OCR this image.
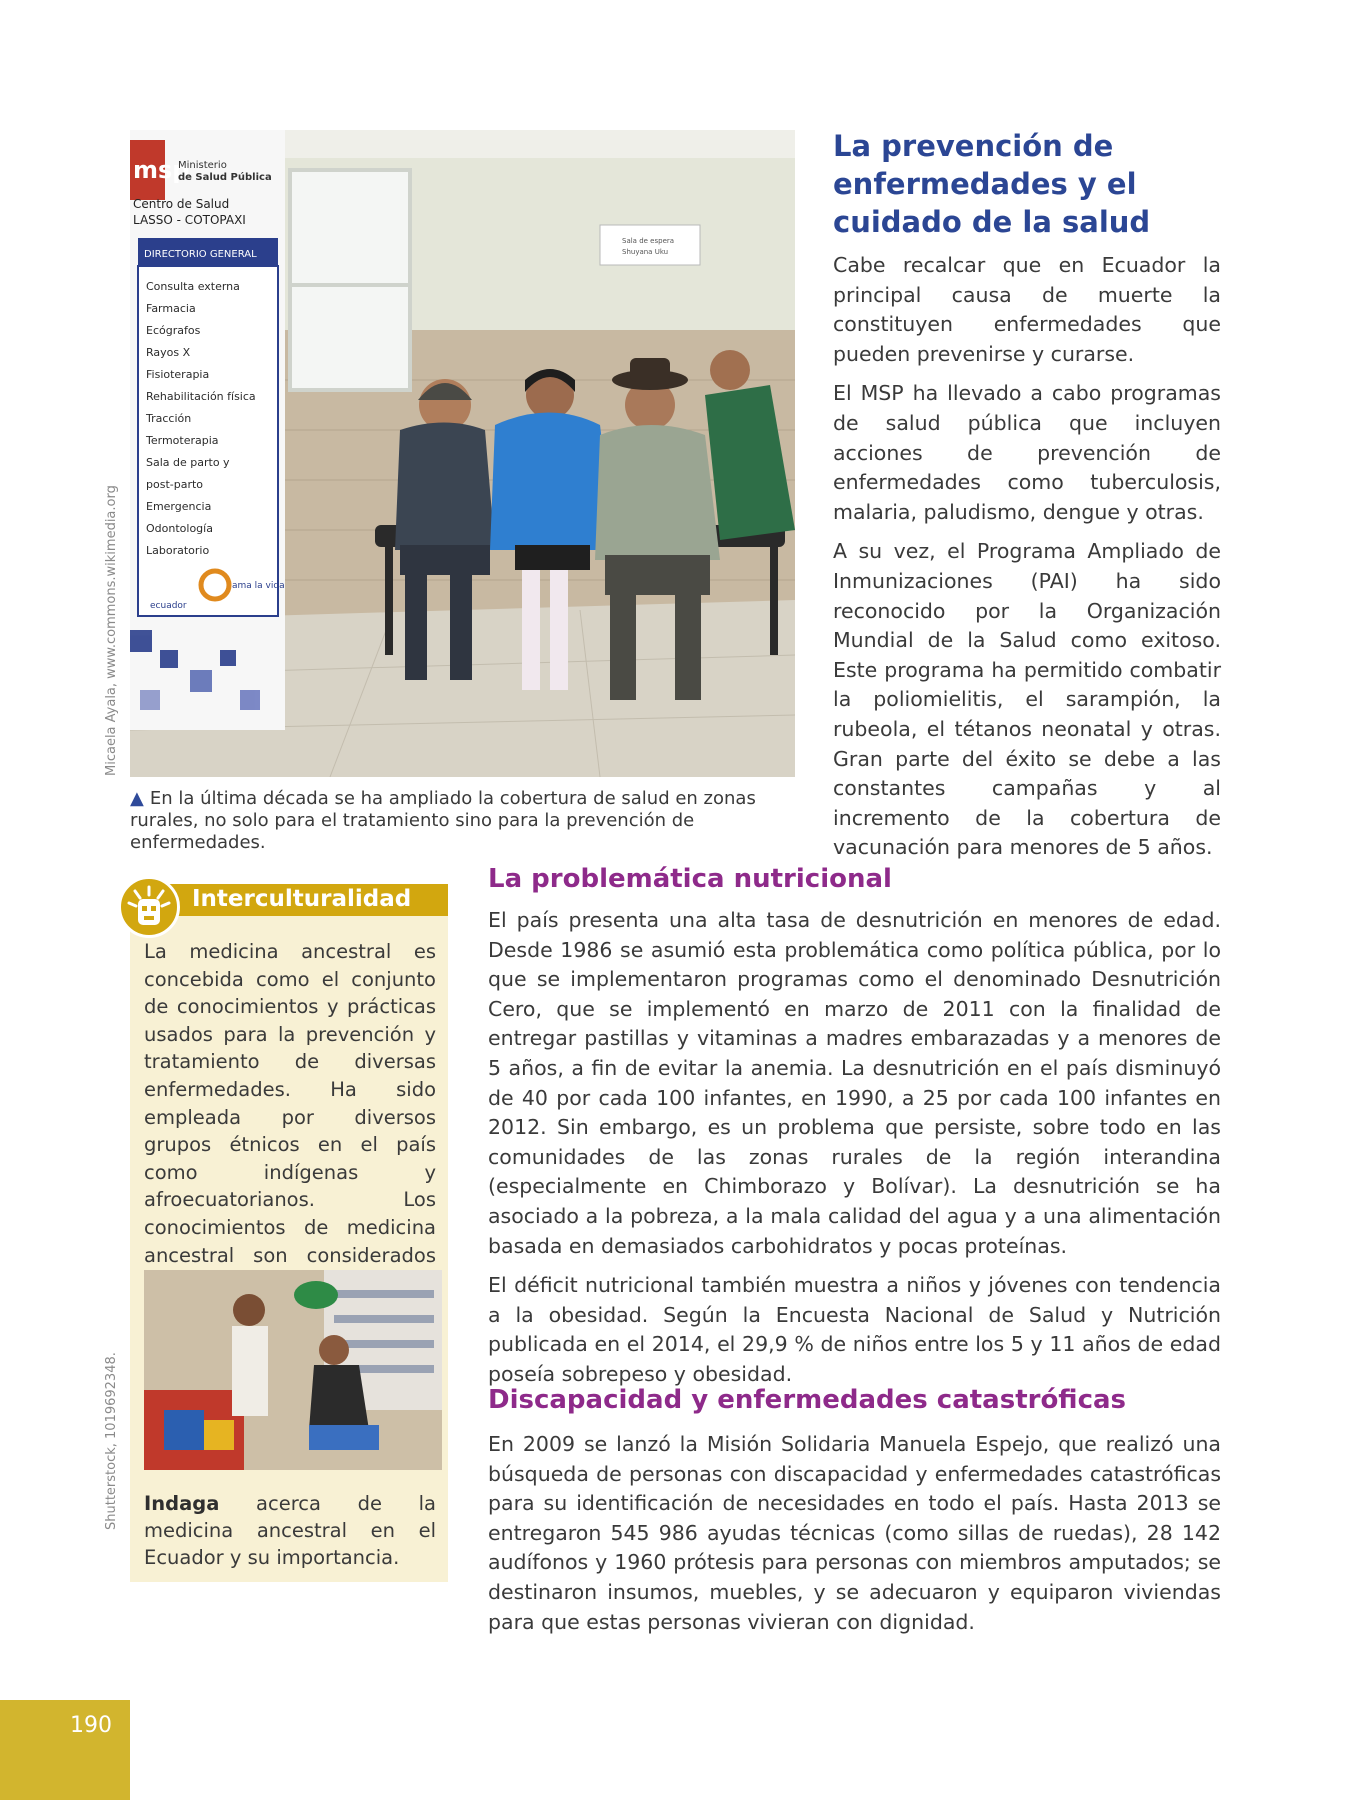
Sala de espera
Shuyana Uku
msp
Ministerio
de Salud Pública
Centro de Salud
LASSO - COTOPAXI
DIRECTORIO GENERAL
Consulta externa
Farmacia
Ecógrafos
Rayos X
Fisioterapia
Rehabilitación física
Tracción
Termoterapia
Sala de parto y
post-parto
Emergencia
Odontología
Laboratorio
ecuador
ama la vida
Micaela Ayala, www.commons.wikimedia.org
▲ En la última década se ha ampliado la cobertura de salud en zonas rurales, no solo para el tratamiento sino para la prevención de enfermedades.
La prevención de enfermedades y el cuidado de la salud

Cabe recalcar que en Ecuador la principal causa de muerte la constituyen enfermedades que pueden prevenirse y curarse.

El MSP ha llevado a cabo programas de salud pública que incluyen acciones de prevención de enfermedades como tuberculosis, malaria, paludismo, dengue y otras.

A su vez, el Programa Ampliado de Inmunizaciones (PAI) ha sido reconocido por la Organización Mundial de la Salud como exitoso. Este programa ha permitido combatir la poliomielitis, el sarampión, la rubeola, el tétanos neonatal y otras. Gran parte del éxito se debe a las constantes campañas y al incremento de la cobertura de vacunación para menores de 5 años.

Interculturalidad

La medicina ancestral es concebida como el conjunto de conocimientos y prácticas usados para la prevención y tratamiento de diversas enfermedades. Ha sido empleada por diversos grupos étnicos en el país como indígenas y afroecuatorianos. Los conocimientos de medicina ancestral son considerados

Shutterstock, 1019692348. Indaga acerca de la medicina ancestral en el Ecuador y su importancia.

La problemática nutricional

El país presenta una alta tasa de desnutrición en menores de edad. Desde 1986 se asumió esta problemática como política pública, por lo que se implementaron programas como el denominado Desnutrición Cero, que se implementó en marzo de 2011 con la finalidad de entregar pastillas y vitaminas a madres embarazadas y a menores de 5 años, a fin de evitar la anemia. La desnutrición en el país disminuyó de 40 por cada 100 infantes, en 1990, a 25 por cada 100 infantes en 2012. Sin embargo, es un problema que persiste, sobre todo en las comunidades de las zonas rurales de la región interandina (especialmente en Chimborazo y Bolívar). La desnutrición se ha asociado a la pobreza, a la mala calidad del agua y a una alimentación basada en demasiados carbohidratos y pocas proteínas.

El déficit nutricional también muestra a niños y jóvenes con tendencia a la obesidad. Según la Encuesta Nacional de Salud y Nutrición publicada en el 2014, el 29,9 % de niños entre los 5 y 11 años de edad poseía sobrepeso y obesidad.

Discapacidad y enfermedades catastróficas

En 2009 se lanzó la Misión Solidaria Manuela Espejo, que realizó una búsqueda de personas con discapacidad y enfermedades catastróficas para su identificación de necesidades en todo el país. Hasta 2013 se entregaron 545 986 ayudas técnicas (como sillas de ruedas), 28 142 audífonos y 1960 prótesis para personas con miembros amputados; se destinaron insumos, muebles, y se adecuaron y equiparon viviendas para que estas personas vivieran con dignidad.

190
